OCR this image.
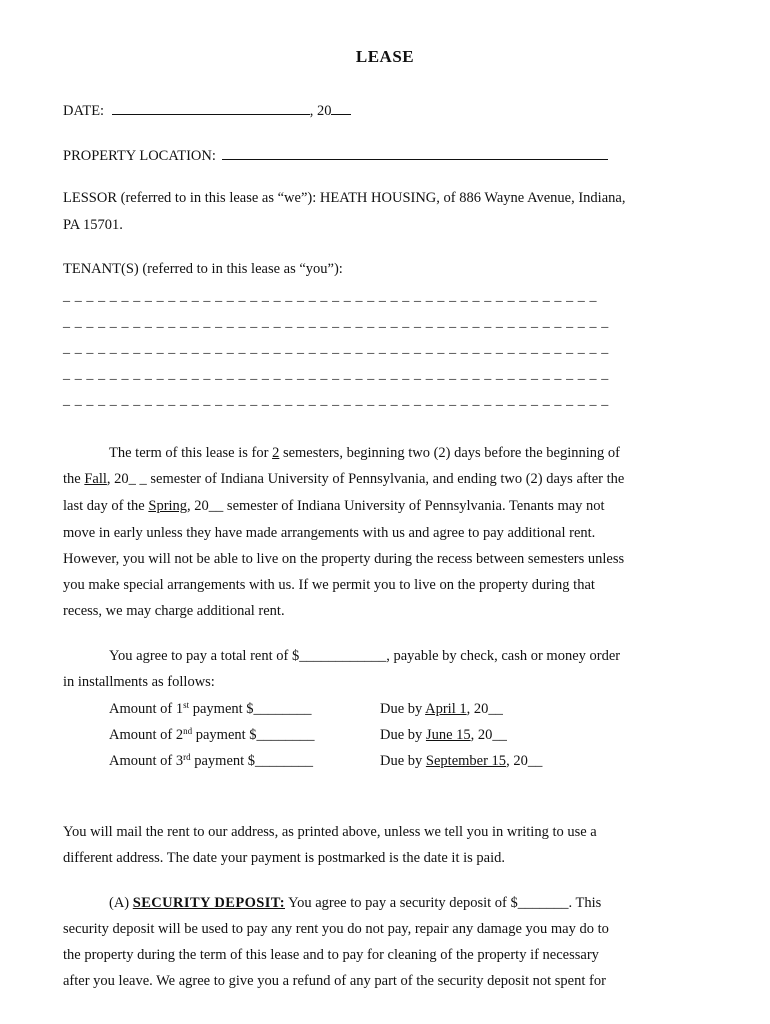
LEASE
DATE:	, 20
PROPERTY LOCATION:
LESSOR (referred to in this lease as “we”): HEATH HOUSING, of 886 Wayne Avenue, Indiana,
PA 15701.
TENANT(S) (referred to in this lease as “you”):
_ _ _ _ _ _ _ _ _ _ _ _ _ _ _ _ _ _ _ _ _ _ _ _ _ _ _ _ _ _ _ _ _ _ _ _ _ _ _ _ _ _ _ _ _ _
_ _ _ _ _ _ _ _ _ _ _ _ _ _ _ _ _ _ _ _ _ _ _ _ _ _ _ _ _ _ _ _ _ _ _ _ _ _ _ _ _ _ _ _ _ _ _
_ _ _ _ _ _ _ _ _ _ _ _ _ _ _ _ _ _ _ _ _ _ _ _ _ _ _ _ _ _ _ _ _ _ _ _ _ _ _ _ _ _ _ _ _ _ _
_ _ _ _ _ _ _ _ _ _ _ _ _ _ _ _ _ _ _ _ _ _ _ _ _ _ _ _ _ _ _ _ _ _ _ _ _ _ _ _ _ _ _ _ _ _ _
_ _ _ _ _ _ _ _ _ _ _ _ _ _ _ _ _ _ _ _ _ _ _ _ _ _ _ _ _ _ _ _ _ _ _ _ _ _ _ _ _ _ _ _ _ _ _
The term of this lease is for 2 semesters, beginning two (2) days before the beginning of
the Fall, 20_ _ semester of Indiana University of Pennsylvania, and ending two (2) days after the
last day of the Spring, 20__ semester of Indiana University of Pennsylvania. Tenants may not
move in early unless they have made arrangements with us and agree to pay additional rent.
However, you will not be able to live on the property during the recess between semesters unless
you make special arrangements with us. If we permit you to live on the property during that
recess, we may charge additional rent.
You agree to pay a total rent of $____________, payable by check, cash or money order
in installments as follows:
Amount of 1st payment $________	Due by April 1, 20__
Amount of 2nd payment $________	Due by June 15, 20__
Amount of 3rd payment $________	Due by September 15, 20__
You will mail the rent to our address, as printed above, unless we tell you in writing to use a
different address. The date your payment is postmarked is the date it is paid.
(A) SECURITY DEPOSIT: You agree to pay a security deposit of $_______. This
security deposit will be used to pay any rent you do not pay, repair any damage you may do to
the property during the term of this lease and to pay for cleaning of the property if necessary
after you leave. We agree to give you a refund of any part of the security deposit not spent for
